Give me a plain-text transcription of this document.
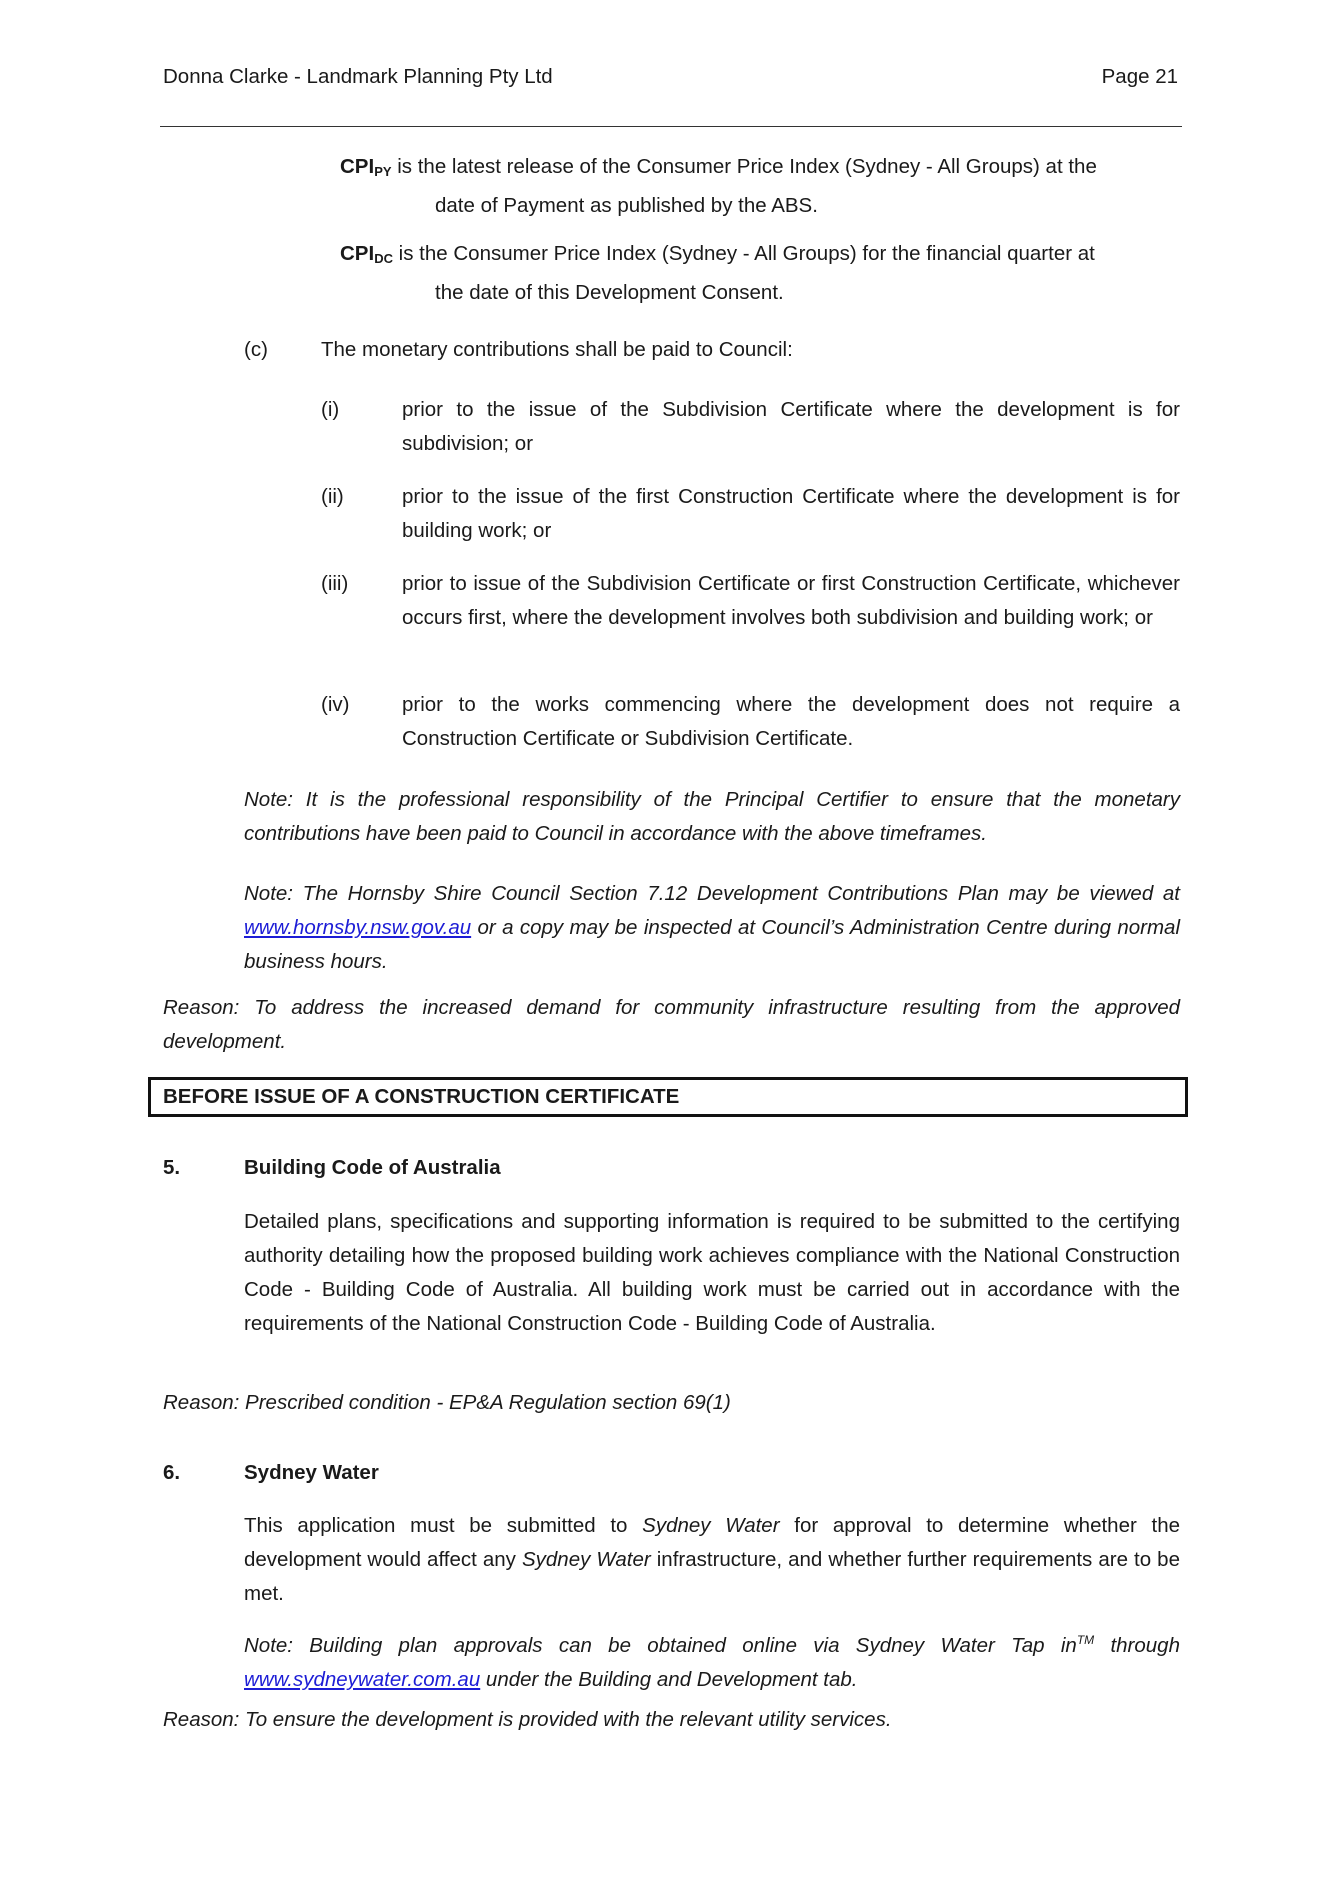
Donna Clarke - Landmark Planning Pty Ltd	Page 21
$CPI_{PY}$ is the latest release of the Consumer Price Index (Sydney - All Groups) at the
date of Payment as published by the ABS.
$CPI_{DC}$ is the Consumer Price Index (Sydney - All Groups) for the financial quarter at
the date of this Development Consent.
(c)	The monetary contributions shall be paid to Council:
(i)	prior to the issue of the Subdivision Certificate where the development is for subdivision; or
(ii)	prior to the issue of the first Construction Certificate where the development is for building work; or
(iii)	prior to issue of the Subdivision Certificate or first Construction Certificate, whichever occurs first, where the development involves both subdivision and building work; or
(iv)	prior to the works commencing where the development does not require a Construction Certificate or Subdivision Certificate.
Note: It is the professional responsibility of the Principal Certifier to ensure that the monetary contributions have been paid to Council in accordance with the above timeframes.
Note: The Hornsby Shire Council Section 7.12 Development Contributions Plan may be viewed at www.hornsby.nsw.gov.au or a copy may be inspected at Council’s Administration Centre during normal business hours.
Reason: To address the increased demand for community infrastructure resulting from the approved development.
BEFORE ISSUE OF A CONSTRUCTION CERTIFICATE
5.	Building Code of Australia
Detailed plans, specifications and supporting information is required to be submitted to the certifying authority detailing how the proposed building work achieves compliance with the National Construction Code - Building Code of Australia. All building work must be carried out in accordance with the requirements of the National Construction Code - Building Code of Australia.
Reason: Prescribed condition - EP&A Regulation section 69(1)
6.	Sydney Water
This application must be submitted to Sydney Water for approval to determine whether the development would affect any Sydney Water infrastructure, and whether further requirements are to be met.
Note: Building plan approvals can be obtained online via Sydney Water Tap in™ through www.sydneywater.com.au under the Building and Development tab.
Reason: To ensure the development is provided with the relevant utility services.
